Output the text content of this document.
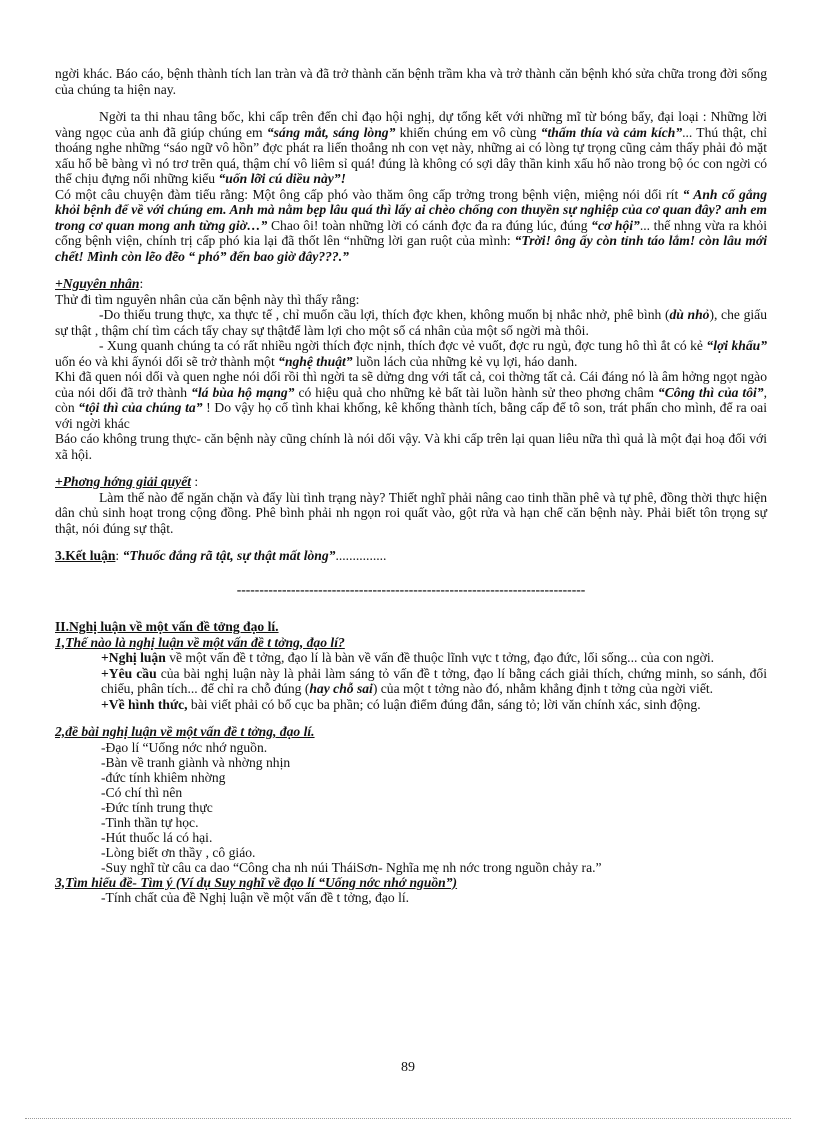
ngời khác. Báo cáo, bệnh thành tích lan tràn và đã trở thành căn bệnh trầm kha và trở thành căn bệnh khó sửa chữa trong đời sống của chúng ta hiện nay.

Ngời ta thi nhau tâng bốc, khi cấp trên đến chỉ đạo hội nghị, dự tổng kết với những mĩ từ bóng bẩy, đại loại : Những lời vàng ngọc của anh đã giúp chúng em “sáng mắt, sáng lòng” khiến chúng em vô cùng “thấm thía và cảm kích”... Thú thật, chỉ thoáng nghe những “sáo ngữ vô hồn” đợc phát ra liến thoắng nh con vẹt này, những ai có lòng tự trọng cũng cảm thấy phải đỏ mặt xấu hổ bẽ bàng vì nó trơ trẽn quá, thậm chí vô liêm sỉ quá! đúng là không có sợi dây thần kinh xấu hổ nào trong bộ óc con ngời có thể chịu đựng nổi những kiểu “uốn lỡi cú diều này”!

Có một câu chuyện đàm tiếu rằng: Một ông cấp phó vào thăm ông cấp trởng trong bệnh viện, miệng nói dối rít “ Anh cố gắng khỏi bệnh để về với chúng em. Anh mà nằm bẹp lâu quá thì lấy ai chèo chống con thuyền sự nghiệp của cơ quan đây? anh em trong cơ quan mong anh từng giờ…” Chao ôi! toàn những lời có cánh đợc đa ra đúng lúc, đúng “cơ hội”... thế nhng vừa ra khỏi cổng bệnh viện, chính trị cấp phó kia lại đã thốt lên “những lời gan ruột của mình: “Trời! ông ấy còn tỉnh táo lắm! còn lâu mới chết! Mình còn lẽo đẽo “ phó” đến bao giờ đây???.”

+Nguyên nhân:

Thử đi tìm nguyên nhân của căn bệnh này thì thấy rằng:

-Do thiếu trung thực, xa thực tế , chỉ muốn cầu lợi, thích đợc khen, không muốn bị nhắc nhở, phê bình (dù nhỏ), che giấu sự thật , thậm chí tìm cách tẩy chay sự thậtđể làm lợi cho một số cá nhân của một số ngời mà thôi.

- Xung quanh chúng ta có rất nhiều ngời thích đợc nịnh, thích đợc vẻ vuốt, đợc ru ngủ, đợc tung hô thì ắt có kẻ “lợi khẩu” uốn éo và khi ấynói dối sẽ trở thành một “nghệ thuật” luồn lách của những kẻ vụ lợi, háo danh.

Khi đã quen nói dối và quen nghe nói dối rồi thì ngời ta sẽ dửng dng với tất cả, coi thờng tất cả. Cái đáng nó là âm hởng ngọt ngào của nói dối đã trở thành “lá bùa hộ mạng” có hiệu quả cho những kẻ bất tài luồn hành sử theo phơng châm “Công thì của tôi”, còn “tội thì của chúng ta” ! Do vậy họ cố tình khai khống, kê khống thành tích, bằng cấp để tô son, trát phấn cho mình, để ra oai với ngời khác

Báo cáo không trung thực- căn bệnh này cũng chính là nói dối vậy. Và khi cấp trên lại quan liêu nữa thì quả là một đại hoạ đối với xã hội.

+Phơng hớng giải quyết :

Làm thế nào để ngăn chặn và đẩy lùi tình trạng này? Thiết nghĩ phải nâng cao tinh thần phê và tự phê, đồng thời thực hiện dân chủ sinh hoạt trong cộng đồng. Phê bình phải nh ngọn roi quất vào, gột rửa và hạn chế căn bệnh này. Phải biết tôn trọng sự thật, nói đúng sự thật.

3.Kết luận: “Thuốc đắng rã tật, sự thật mất lòng”...............

-----------------------------------------------------------------------------

II.Nghị luận về một vấn đề tởng đạo lí.

1,Thế nào là nghị luận về một vấn đề t tởng, đạo lí?

+Nghị luận về một vấn đề t tởng, đạo lí là bàn về vấn đề thuộc lĩnh vực t tởng, đạo đức, lối sống... của con ngời.

+Yêu cầu của bài nghị luận này là phải làm sáng tỏ vấn đề t tởng, đạo lí bằng cách giải thích, chứng minh, so sánh, đối chiếu, phân tích... để chỉ ra chỗ đúng (hay chỗ sai) của một t tởng nào đó, nhằm khẳng định t tởng của ngời viết.

+Về hình thức, bài viết phải có bố cục ba phần; có luận điểm đúng đắn, sáng tỏ; lời văn chính xác, sinh động.

2,đề bài nghị luận về một vấn đề t tởng, đạo lí.

-Đạo lí “Uống nớc nhớ nguồn.

-Bàn về tranh giành và nhờng nhịn

-đức tính khiêm nhờng

-Có chí thì nên

-Đức tính trung thực

-Tinh thần tự học.

-Hút thuốc lá có hại.

-Lòng biết ơn thầy , cô giáo.

-Suy nghĩ từ câu ca dao “Công cha nh núi TháiSơn- Nghĩa mẹ nh nớc trong nguồn chảy ra.”

3,Tìm hiểu đề- Tìm ý (Ví dụ Suy nghĩ về đạo lí “Uống nớc nhớ nguồn”)

-Tính chất của đề Nghị luận về một vấn đề t tởng, đạo lí.

89
